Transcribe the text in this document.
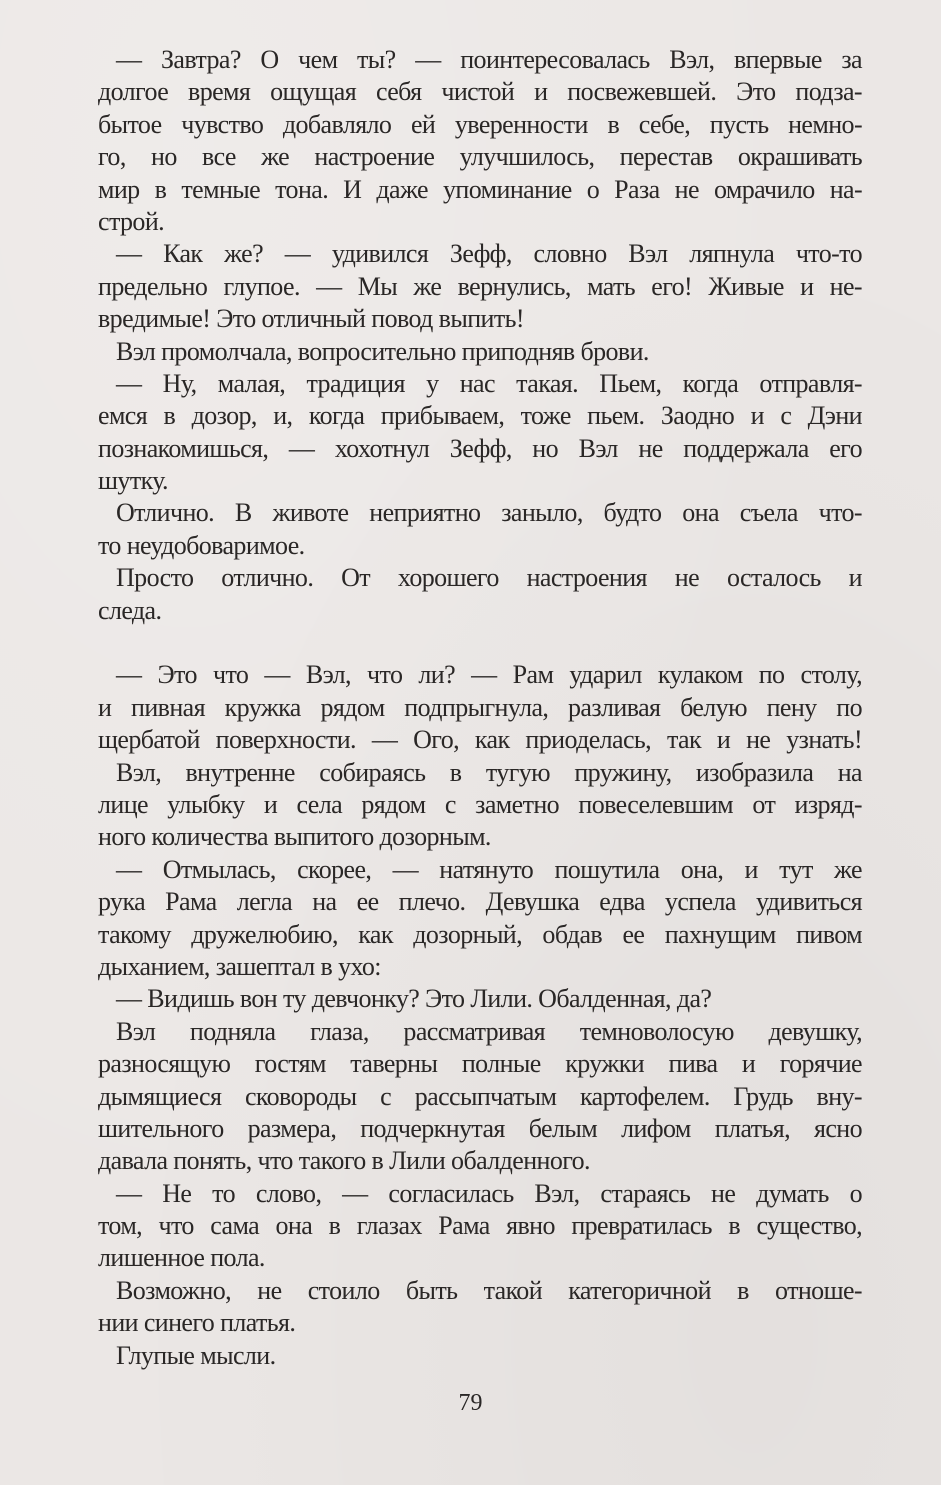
— Завтра? О чем ты? — поинтересовалась Вэл, впервые за
долгое время ощущая себя чистой и посвежевшей. Это подза-
бытое чувство добавляло ей уверенности в себе, пусть немно-
го, но все же настроение улучшилось, перестав окрашивать
мир в темные тона. И даже упоминание о Раза не омрачило на-
строй.
— Как же? — удивился Зефф, словно Вэл ляпнула что-то
предельно глупое. — Мы же вернулись, мать его! Живые и не-
вредимые! Это отличный повод выпить!
Вэл промолчала, вопросительно приподняв брови.
— Ну, малая, традиция у нас такая. Пьем, когда отправля-
емся в дозор, и, когда прибываем, тоже пьем. Заодно и с Дэни
познакомишься, — хохотнул Зефф, но Вэл не поддержала его
шутку.
Отлично. В животе неприятно заныло, будто она съела что-
то неудобоваримое.
Просто отлично. От хорошего настроения не осталось и
следа.
— Это что — Вэл, что ли? — Рам ударил кулаком по столу,
и пивная кружка рядом подпрыгнула, разливая белую пену по
щербатой поверхности. — Ого, как приоделась, так и не узнать!
Вэл, внутренне собираясь в тугую пружину, изобразила на
лице улыбку и села рядом с заметно повеселевшим от изряд-
ного количества выпитого дозорным.
— Отмылась, скорее, — натянуто пошутила она, и тут же
рука Рама легла на ее плечо. Девушка едва успела удивиться
такому дружелюбию, как дозорный, обдав ее пахнущим пивом
дыханием, зашептал в ухо:
— Видишь вон ту девчонку? Это Лили. Обалденная, да?
Вэл подняла глаза, рассматривая темноволосую девушку,
разносящую гостям таверны полные кружки пива и горячие
дымящиеся сковороды с рассыпчатым картофелем. Грудь вну-
шительного размера, подчеркнутая белым лифом платья, ясно
давала понять, что такого в Лили обалденного.
— Не то слово, — согласилась Вэл, стараясь не думать о
том, что сама она в глазах Рама явно превратилась в существо,
лишенное пола.
Возможно, не стоило быть такой категоричной в отноше-
нии синего платья.
Глупые мысли.
79
